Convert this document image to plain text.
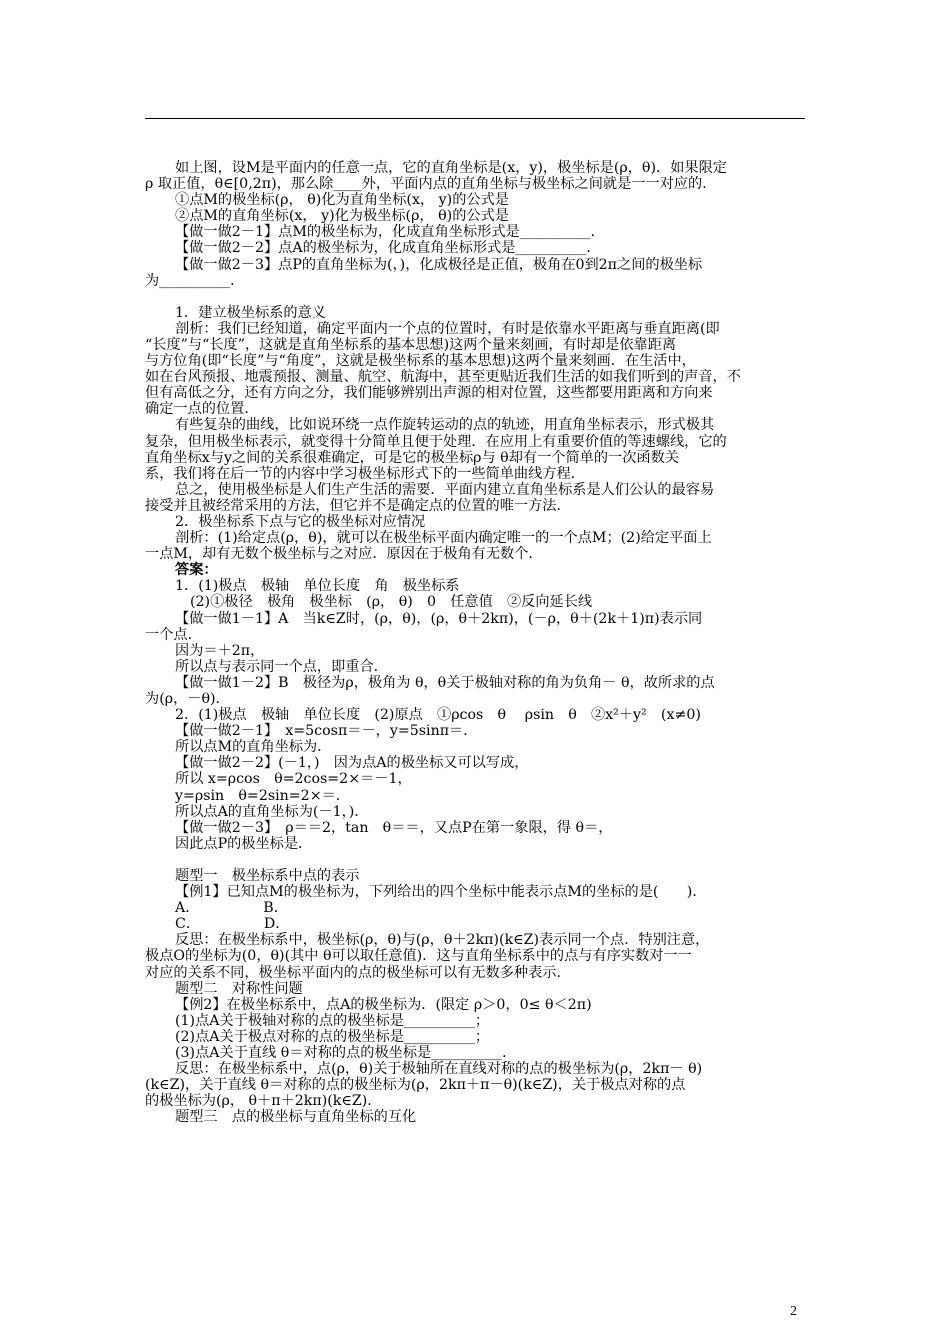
如上图，设M是平面内的任意一点，它的直角坐标是(x，y)，极坐标是(ρ，θ)．如果限定
ρ 取正值，θ∈[0,2π)，那么除____外，平面内点的直角坐标与极坐标之间就是一一对应的．
①点M的极坐标(ρ， θ)化为直角坐标(x， y)的公式是
②点M的直角坐标(x， y)化为极坐标(ρ， θ)的公式是
【做一做2－1】点M的极坐标为，化成直角坐标形式是__________．
【做一做2－2】点A的极坐标为，化成直角坐标形式是__________．
【做一做2－3】点P的直角坐标为(，)，化成极径是正值，极角在0到2π之间的极坐标
为__________．
1．建立极坐标系的意义
剖析：我们已经知道，确定平面内一个点的位置时，有时是依靠水平距离与垂直距离(即
“长度”与“长度”，这就是直角坐标系的基本思想)这两个量来刻画，有时却是依靠距离
与方位角(即“长度”与“角度”，这就是极坐标系的基本思想)这两个量来刻画．在生活中，
如在台风预报、地震预报、测量、航空、航海中，甚至更贴近我们生活的如我们听到的声音，不
但有高低之分，还有方向之分，我们能够辨别出声源的相对位置，这些都要用距离和方向来
确定一点的位置．
有些复杂的曲线，比如说环绕一点作旋转运动的点的轨迹，用直角坐标表示，形式极其
复杂，但用极坐标表示，就变得十分简单且便于处理．在应用上有重要价值的等速螺线，它的
直角坐标x与y之间的关系很难确定，可是它的极坐标ρ与 θ却有一个简单的一次函数关
系，我们将在后一节的内容中学习极坐标形式下的一些简单曲线方程．
总之，使用极坐标是人们生产生活的需要．平面内建立直角坐标系是人们公认的最容易
接受并且被经常采用的方法，但它并不是确定点的位置的唯一方法．
2．极坐标系下点与它的极坐标对应情况
剖析：(1)给定点(ρ，θ)，就可以在极坐标平面内确定唯一的一个点M；(2)给定平面上
一点M，却有无数个极坐标与之对应．原因在于极角有无数个．
答案：
1．(1)极点　极轴　单位长度　角　极坐标系
(2)①极径　极角　极坐标　(ρ， θ)　0　任意值　②反向延长线
【做一做1－1】A　当k∈Z时，(ρ，θ)，(ρ，θ＋2kπ)，(－ρ，θ＋(2k＋1)π)表示同
一个点．
因为＝＋2π，
所以点与表示同一个点，即重合．
【做一做1－2】B　极径为ρ，极角为 θ，θ关于极轴对称的角为负角－ θ，故所求的点
为(ρ，－θ)．
2．(1)极点　极轴　单位长度　(2)原点　①ρcos　θ　 ρsin　θ　②x²＋y²　(x≠0)
【做一做2－1】　x=5cosπ＝－，y=5sinπ＝．
所以点M的直角坐标为．
【做一做2－2】(－1，)　因为点A的极坐标又可以写成，
所以 x=ρcos　θ=2cos=2×＝－1，
y=ρsin　θ=2sin=2×＝．
所以点A的直角坐标为(－1，)．
【做一做2－3】　ρ＝＝2，tan　θ＝＝，又点P在第一象限，得 θ＝，
因此点P的极坐标是．
题型一　极坐标系中点的表示
【例1】已知点M的极坐标为，下列给出的四个坐标中能表示点M的坐标的是(　　)．
A．　　　　　B．
C．　　　　　D．
反思：在极坐标系中，极坐标(ρ，θ)与(ρ，θ＋2kπ)(k∈Z)表示同一个点．特别注意，
极点O的坐标为(0，θ)(其中 θ可以取任意值)．这与直角坐标系中的点与有序实数对一一
对应的关系不同，极坐标平面内的点的极坐标可以有无数多种表示．
题型二　对称性问题
【例2】在极坐标系中，点A的极坐标为．(限定 ρ＞0，0≤ θ＜2π)
(1)点A关于极轴对称的点的极坐标是__________；
(2)点A关于极点对称的点的极坐标是__________；
(3)点A关于直线 θ＝对称的点的极坐标是__________．
反思：在极坐标系中，点(ρ，θ)关于极轴所在直线对称的点的极坐标为(ρ，2kπ－ θ)
(k∈Z)，关于直线 θ＝对称的点的极坐标为(ρ，2kπ＋π－θ)(k∈Z)，关于极点对称的点
的极坐标为(ρ， θ＋π＋2kπ)(k∈Z)．
题型三　点的极坐标与直角坐标的互化
2
